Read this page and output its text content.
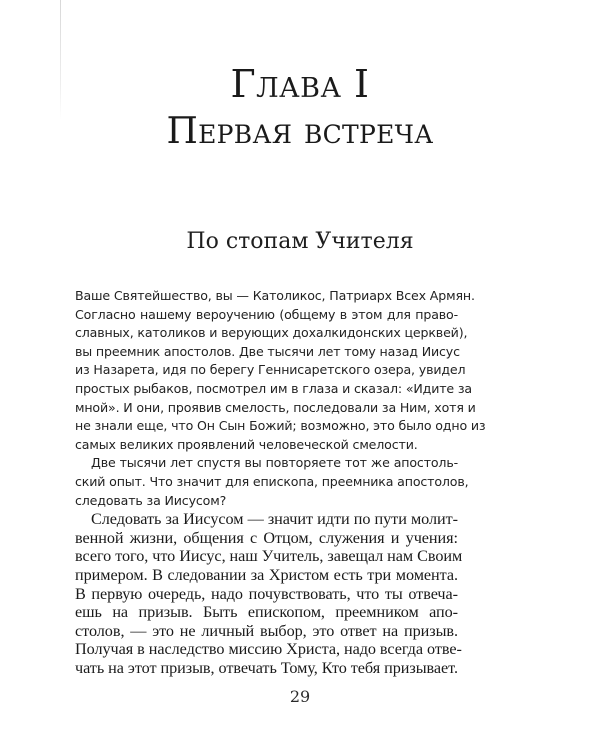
Глава I
Первая встреча
По стопам Учителя
Ваше Святейшество, вы — Католикос, Патриарх Всех Армян.
Согласно нашему вероучению (общему в этом для право-
славных, католиков и верующих дохалкидонских церквей),
вы преемник апостолов. Две тысячи лет тому назад Иисус
из Назарета, идя по берегу Геннисаретского озера, увидел
простых рыбаков, посмотрел им в глаза и сказал: «Идите за
мной». И они, проявив смелость, последовали за Ним, хотя и
не знали еще, что Он Сын Божий; возможно, это было одно из
самых великих проявлений человеческой смелости.
Две тысячи лет спустя вы повторяете тот же апостоль-
ский опыт. Что значит для епископа, преемника апостолов,
следовать за Иисусом?
Следовать за Иисусом — значит идти по пути молит-
венной жизни, общения с Отцом, служения и учения:
всего того, что Иисус, наш Учитель, завещал нам Своим
примером. В следовании за Христом есть три момента.
В первую очередь, надо почувствовать, что ты отвеча-
ешь на призыв. Быть епископом, преемником апо-
столов, — это не личный выбор, это ответ на призыв.
Получая в наследство миссию Христа, надо всегда отве-
чать на этот призыв, отвечать Тому, Кто тебя призывает.
29
